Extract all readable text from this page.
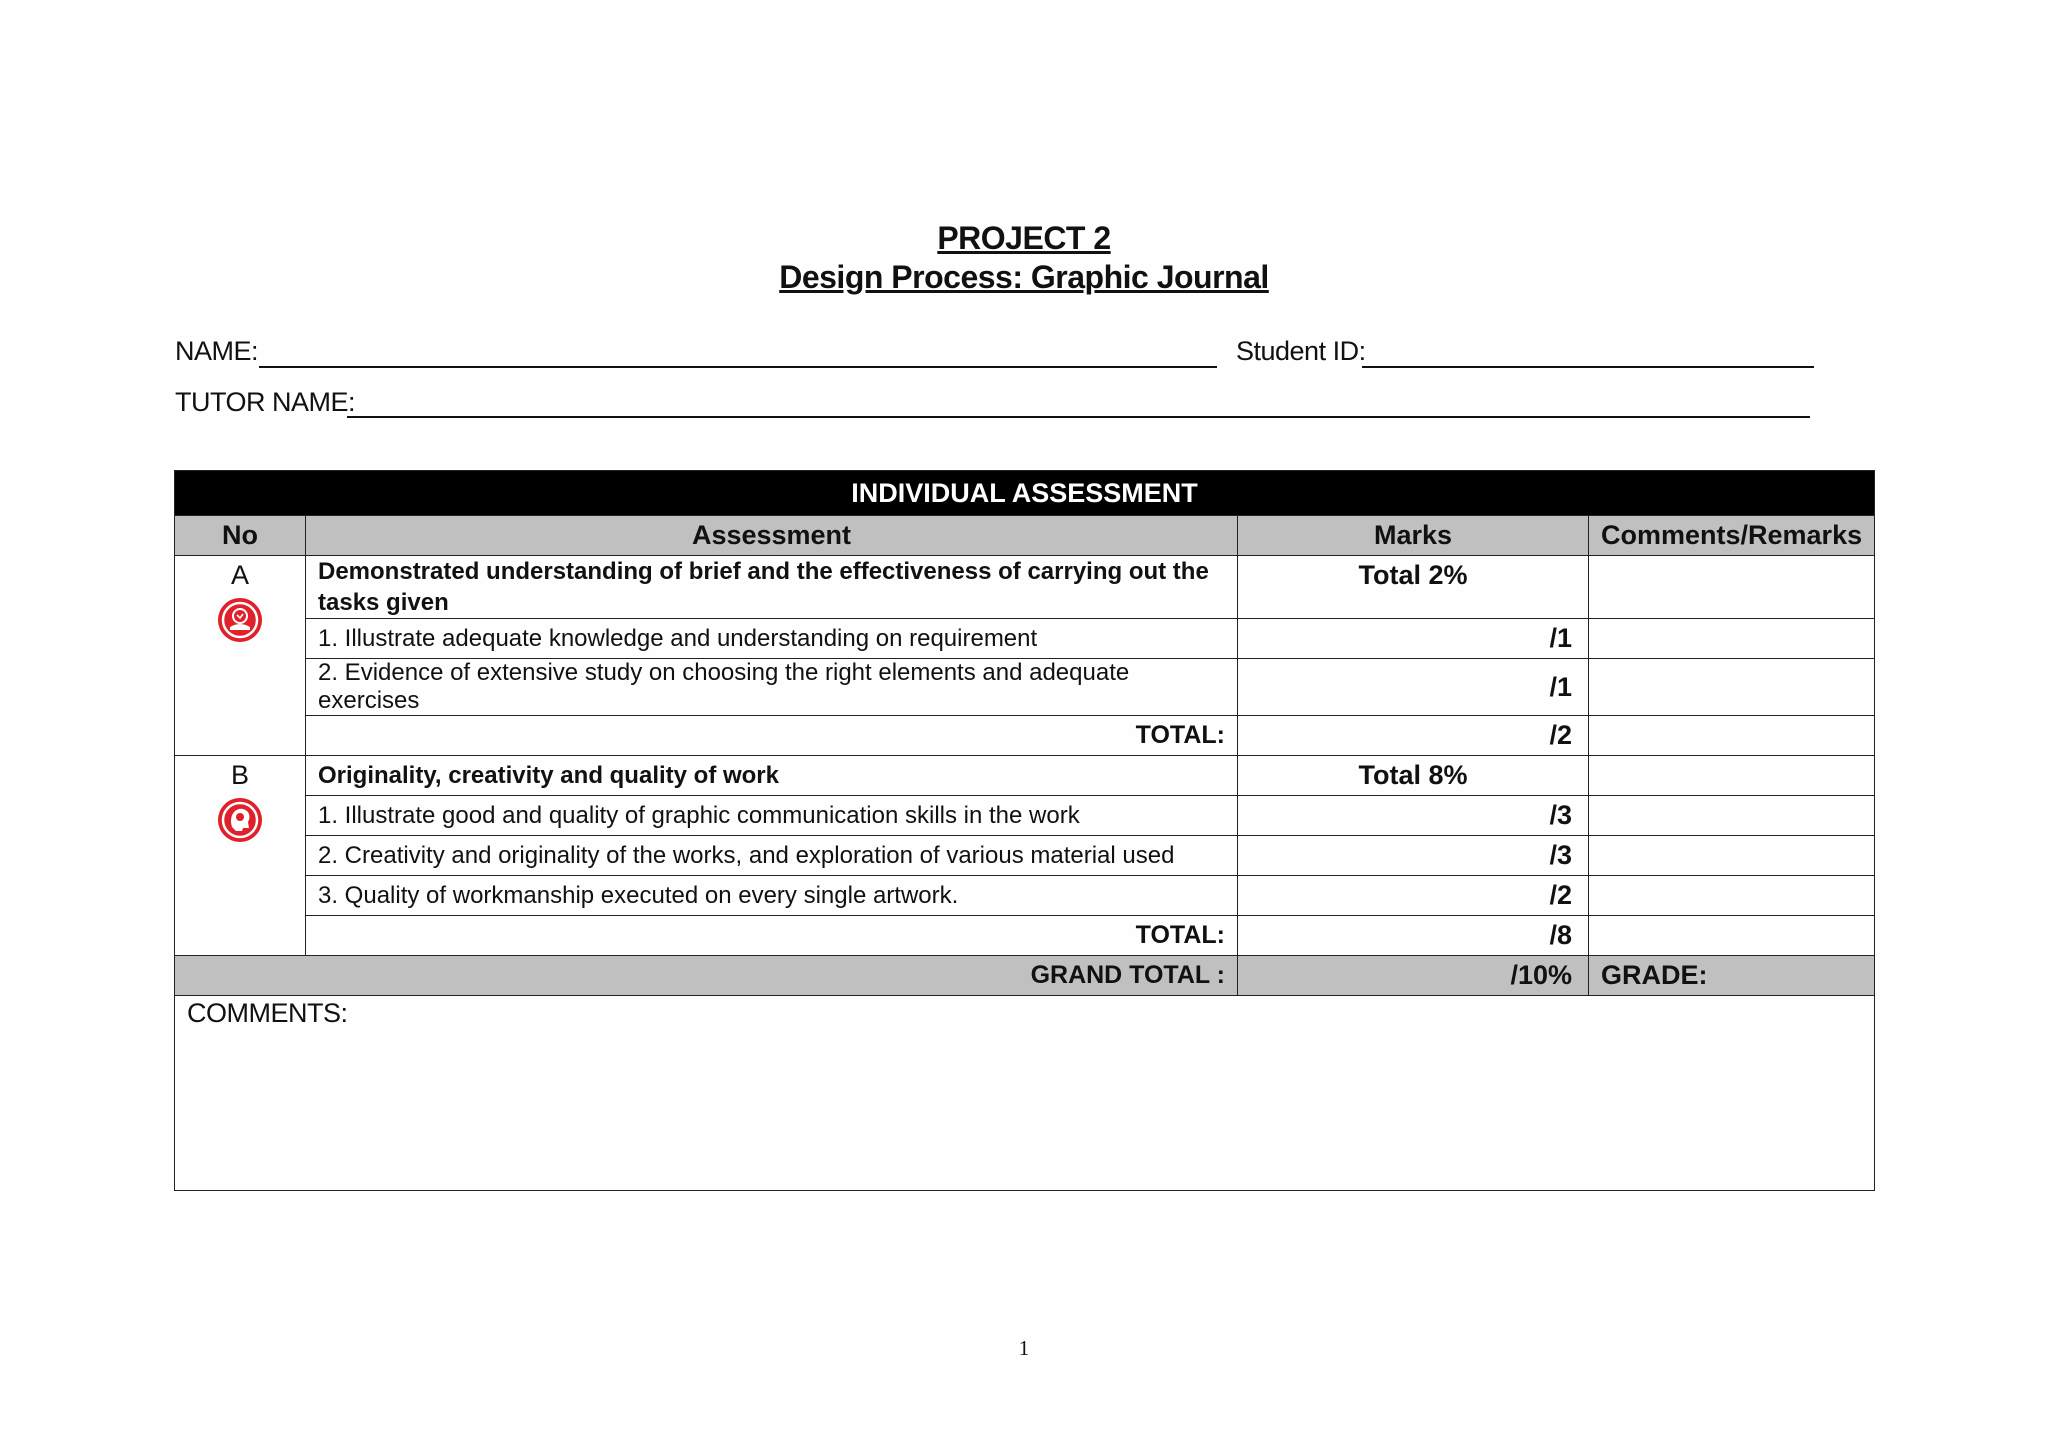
PROJECT 2
Design Process: Graphic Journal
NAME:	Student ID:
TUTOR NAME:
INDIVIDUAL ASSESSMENT			
No	Assessment	Marks	Comments/Remarks
A	Demonstrated understanding of brief and the effectiveness of carrying out the tasks given	Total 2%	
	1. Illustrate adequate knowledge and understanding on requirement	/1	
	2. Evidence of extensive study on choosing the right elements and adequate exercises	/1	
	TOTAL:	/2	
B	Originality, creativity and quality of work	Total 8%	
	1. Illustrate good and quality of graphic communication skills in the work	/3	
	2. Creativity and originality of the works, and exploration of various material used	/3	
	3. Quality of workmanship executed on every single artwork.	/2	
	TOTAL:	/8	
GRAND TOTAL :		/10%	GRADE:
COMMENTS:			
1
